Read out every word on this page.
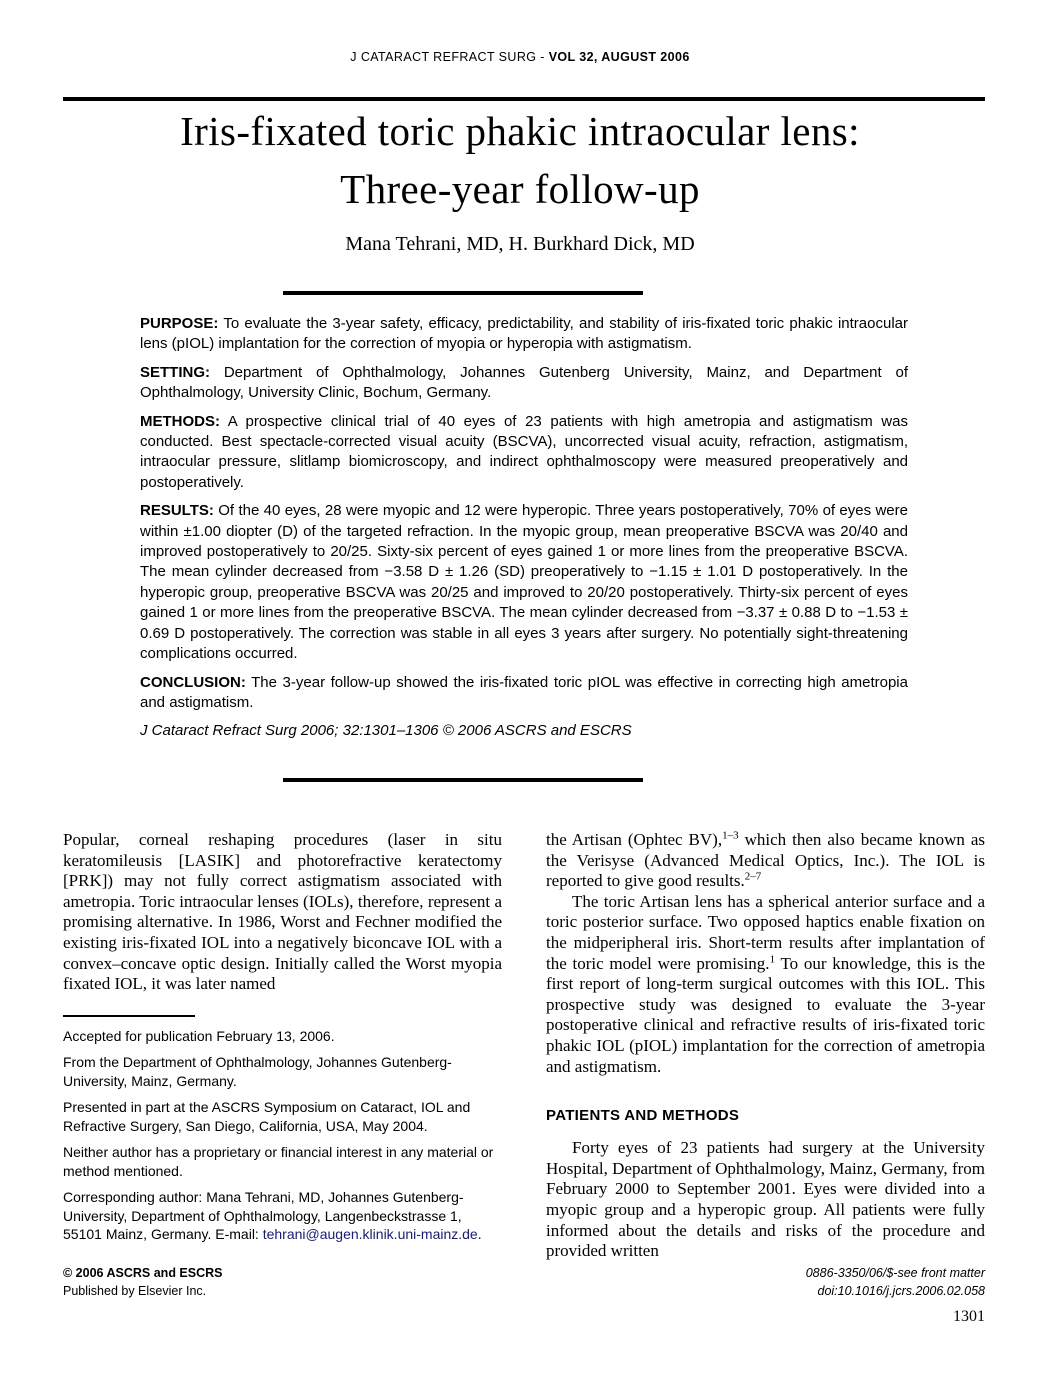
J CATARACT REFRACT SURG - VOL 32, AUGUST 2006
Iris-fixated toric phakic intraocular lens:
Three-year follow-up
Mana Tehrani, MD, H. Burkhard Dick, MD

PURPOSE: To evaluate the 3-year safety, efficacy, predictability, and stability of iris-fixated toric phakic intraocular lens (pIOL) implantation for the correction of myopia or hyperopia with astigmatism.

SETTING: Department of Ophthalmology, Johannes Gutenberg University, Mainz, and Department of Ophthalmology, University Clinic, Bochum, Germany.

METHODS: A prospective clinical trial of 40 eyes of 23 patients with high ametropia and astigmatism was conducted. Best spectacle-corrected visual acuity (BSCVA), uncorrected visual acuity, refraction, astigmatism, intraocular pressure, slitlamp biomicroscopy, and indirect ophthalmoscopy were measured preoperatively and postoperatively.

RESULTS: Of the 40 eyes, 28 were myopic and 12 were hyperopic. Three years postoperatively, 70% of eyes were within ±1.00 diopter (D) of the targeted refraction. In the myopic group, mean preoperative BSCVA was 20/40 and improved postoperatively to 20/25. Sixty-six percent of eyes gained 1 or more lines from the preoperative BSCVA. The mean cylinder decreased from −3.58 D ± 1.26 (SD) preoperatively to −1.15 ± 1.01 D postoperatively. In the hyperopic group, preoperative BSCVA was 20/25 and improved to 20/20 postoperatively. Thirty-six percent of eyes gained 1 or more lines from the preoperative BSCVA. The mean cylinder decreased from −3.37 ± 0.88 D to −1.53 ± 0.69 D postoperatively. The correction was stable in all eyes 3 years after surgery. No potentially sight-threatening complications occurred.

CONCLUSION: The 3-year follow-up showed the iris-fixated toric pIOL was effective in correcting high ametropia and astigmatism.

J Cataract Refract Surg 2006; 32:1301–1306 © 2006 ASCRS and ESCRS

Popular, corneal reshaping procedures (laser in situ keratomileusis [LASIK] and photorefractive keratectomy [PRK]) may not fully correct astigmatism associated with ametropia. Toric intraocular lenses (IOLs), therefore, represent a promising alternative. In 1986, Worst and Fechner modified the existing iris-fixated IOL into a negatively biconcave IOL with a convex–concave optic design. Initially called the Worst myopia fixated IOL, it was later named

Accepted for publication February 13, 2006.

From the Department of Ophthalmology, Johannes Gutenberg-University, Mainz, Germany.

Presented in part at the ASCRS Symposium on Cataract, IOL and Refractive Surgery, San Diego, California, USA, May 2004.

Neither author has a proprietary or financial interest in any material or method mentioned.

Corresponding author: Mana Tehrani, MD, Johannes Gutenberg-University, Department of Ophthalmology, Langenbeckstrasse 1, 55101 Mainz, Germany. E-mail: tehrani@augen.klinik.uni-mainz.de.

the Artisan (Ophtec BV),$^{1-3}$ which then also became known as the Verisyse (Advanced Medical Optics, Inc.). The IOL is reported to give good results.$^{2-7}$

The toric Artisan lens has a spherical anterior surface and a toric posterior surface. Two opposed haptics enable fixation on the midperipheral iris. Short-term results after implantation of the toric model were promising.$^1$ To our knowledge, this is the first report of long-term surgical outcomes with this IOL. This prospective study was designed to evaluate the 3-year postoperative clinical and refractive results of iris-fixated toric phakic IOL (pIOL) implantation for the correction of ametropia and astigmatism.

PATIENTS AND METHODS

Forty eyes of 23 patients had surgery at the University Hospital, Department of Ophthalmology, Mainz, Germany, from February 2000 to September 2001. Eyes were divided into a myopic group and a hyperopic group. All patients were fully informed about the details and risks of the procedure and provided written

© 2006 ASCRS and ESCRS
Published by Elsevier Inc.
0886-3350/06/$-see front matter
doi:10.1016/j.jcrs.2006.02.058
1301
